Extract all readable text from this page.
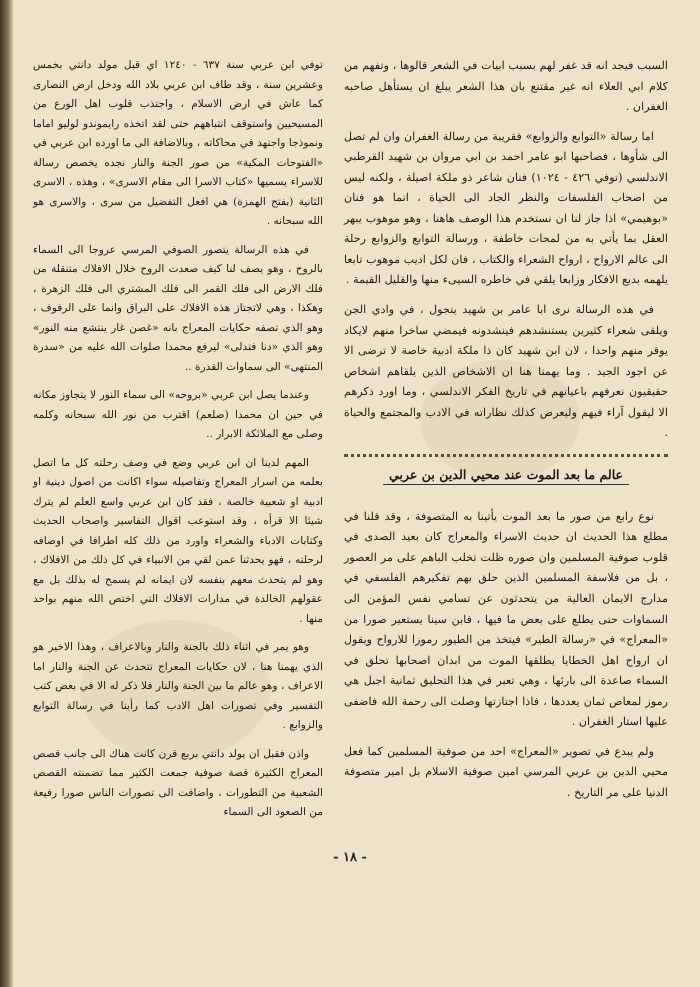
السبب فيجد انه قد غفر لهم بسبب ابيات في الشعر قالوها ، وتفهم من كلام ابي العلاء انه غير مقتنع بان هذا الشعر يبلغ ان يستأهل صاحبه الغفران .

اما رسالة «التوابع والزوابع» فقريبة من رسالة الغفران وان لم تصل الى شأوها ، فصاحبها ابو عامر احمد بن ابي مروان بن شهيد القرطبي الاندلسي (توفي ٤٢٦ - ١٠٢٤) فنان شاعر ذو ملكة اصيلة ، ولكنه ليس من اصحاب الفلسفات والنظر الجاد الى الحياة ، انما هو فنان «بوهيمي» اذا جاز لنا ان نستخدم هذا الوصف هاهنا ، وهو موهوب يبهر العقل بما يأتي به من لمحات خاطفة ، ورسالة التوابع والزوابع رحلة الى عالم الارواح ، ارواح الشعراء والكتاب ، فان لكل اديب موهوب تابعا يلهمه بديع الافكار وزابعا يلقي في خاطره السيىء منها والقليل القيمة .

في هذه الرسالة نرى ابا عامر بن شهيد يتجول ، في وادي الجن ويلقى شعراء كثيرين يستنشدهم فينشدونه فيمضي ساخرا منهم لايكاد يوقر منهم واحدا ، لان ابن شهيد كان ذا ملكة ادبية خاصة لا ترضى الا عن اجود الجيد . وما يهمنا هنا ان الاشخاص الذين يلقاهم اشخاص حقيقيون نعرفهم باعيانهم في تاريخ الفكر الاندلسي ، وما اورد ذكرهم الا ليقول آراء فيهم وليعرض كذلك نظاراته في الادب والمجتمع والحياة .

عالم ما بعد الموت عند محيي الدين بن عربي

نوع رابع من صور ما بعد الموت يأتينا به المتصوفة ، وقد قلنا في مطلع هذا الحديث ان حديث الاسراء والمعراج كان بعيد الصدى في قلوب صوفية المسلمين وان صوره ظلت تخلب الباهم على مر العصور ، بل من فلاسفة المسلمين الذين حلق بهم تفكيرهم الفلسفي في مدارج الايمان العالية من يتحدثون عن تسامي نفس المؤمن الى السماوات حتى يطلع على بعض ما فيها ، فابن سينا يستعير صورا من «المعراج» في «رسالة الطير» فيتخذ من الطيور رموزا للارواح ويقول ان ارواح اهل الخطايا يطلقها الموت من ابدان اصحابها تحلق في السماء صاعدة الى بارئها ، وهي تعبر في هذا التحليق ثمانية اجبل هي رموز لمعاص ثمان يعددها ، فاذا اجتازتها وصلت الى رحمة الله فاضفى عليها استار الغفران .

ولم يبدع في تصوير «المعراج» احد من صوفية المسلمين كما فعل محيي الدين بن عربي المرسي امين صوفية الاسلام بل امير متصوفة الدنيا على مر التاريخ .

توفي ابن عربي سنة ٦٣٧ - ١٢٤٠ اي قبل مولد دانتي بخمس وعشرين سنة ، وقد طاف ابن عربي بلاد الله ودخل ارض النصارى كما عاش في ارض الاسلام ، واجتذب قلوب اهل الورع من المسيحيين واستوقف انتباههم حتى لقد اتخذه رايموندو لوليو اماما ونموذجا واجتهد في محاكاته ، وبالاضافة الى ما اورده ابن عربي في «الفتوحات المكية» من صور الجنة والنار نجده يخصص رسالة للاسراء يسميها «كتاب الاسرا الى مقام الاسرى» ، وهذه ، الاسرى الثانية (بفتح الهمزة) هي افعل التفضيل من سرى ، والاسرى هو الله سبحانه .

في هذه الرسالة يتصور الصوفي المرسي عروجا الى السماء بالروح ، وهو يصف لنا كيف صعدت الروح خلال الافلاك متنقلة من فلك الارض الى فلك القمر الى فلك المشتري الى فلك الزهرة ، وهكذا ، وهي لاتجتاز هذه الافلاك على البراق وانما على الرفوف ، وهو الذي تصفه حكايات المعراج بانه «غصن غار ينتشع منه النور» وهو الذي «دنا فتدلى» ليرفع محمدا صلوات الله عليه من «سدرة المنتهى» الى سماوات القدرة ..

وعندما يصل ابن عربي «بروحه» الى سماء النور لا يتجاوز مكانه في حين ان محمدا (صلعم) اقترب من نور الله سبحانه وكلمه وصلى مع الملائكة الابرار ..

المهم لدينا ان ابن عربي وضع في وصف رحلته كل ما اتصل بعلمه من اسرار المعراج وتفاصيله سواء اكانت من اصول دينية او ادبية او شعبية خالصة ، فقد كان ابن عربي واسع العلم لم يترك شيئا الا قرأه ، وقد استوعب اقوال التفاسير واصحاب الحديث وكتابات الادباء والشعراء واورد من ذلك كله اطرافا في اوصافه لرحلته ، فهو يحدثنا عمن لقي من الانبياء في كل ذلك من الافلاك ، وهو لم يتحدث معهم بنفسه لان ايمانه لم يسمح له بذلك بل مع عقولهم الخالدة في مدارات الافلاك التي اختص الله منهم بواحد منها .

وهو يمر في اثناء ذلك بالجنة والنار وبالاعراف ، وهذا الاخير هو الذي يهمنا هنا ، لان حكايات المعراج تتحدث عن الجنة والنار اما الاعراف ، وهو عالم ما بين الجنة والنار فلا ذكر له الا في بعض كتب التفسير وفي تصورات اهل الادب كما رأينا في رسالة التوابع والزوابع .

واذن فقبل ان يولد دانتي بربع قرن كانت هناك الى جانب قصص المعراج الكثيرة قصة صوفية جمعت الكثير مما تضمنته القصص الشعبية من التطورات ، واضافت الى تصورات الناس صورا رفيعة من الصعود الى السماء

- ١٨ -
